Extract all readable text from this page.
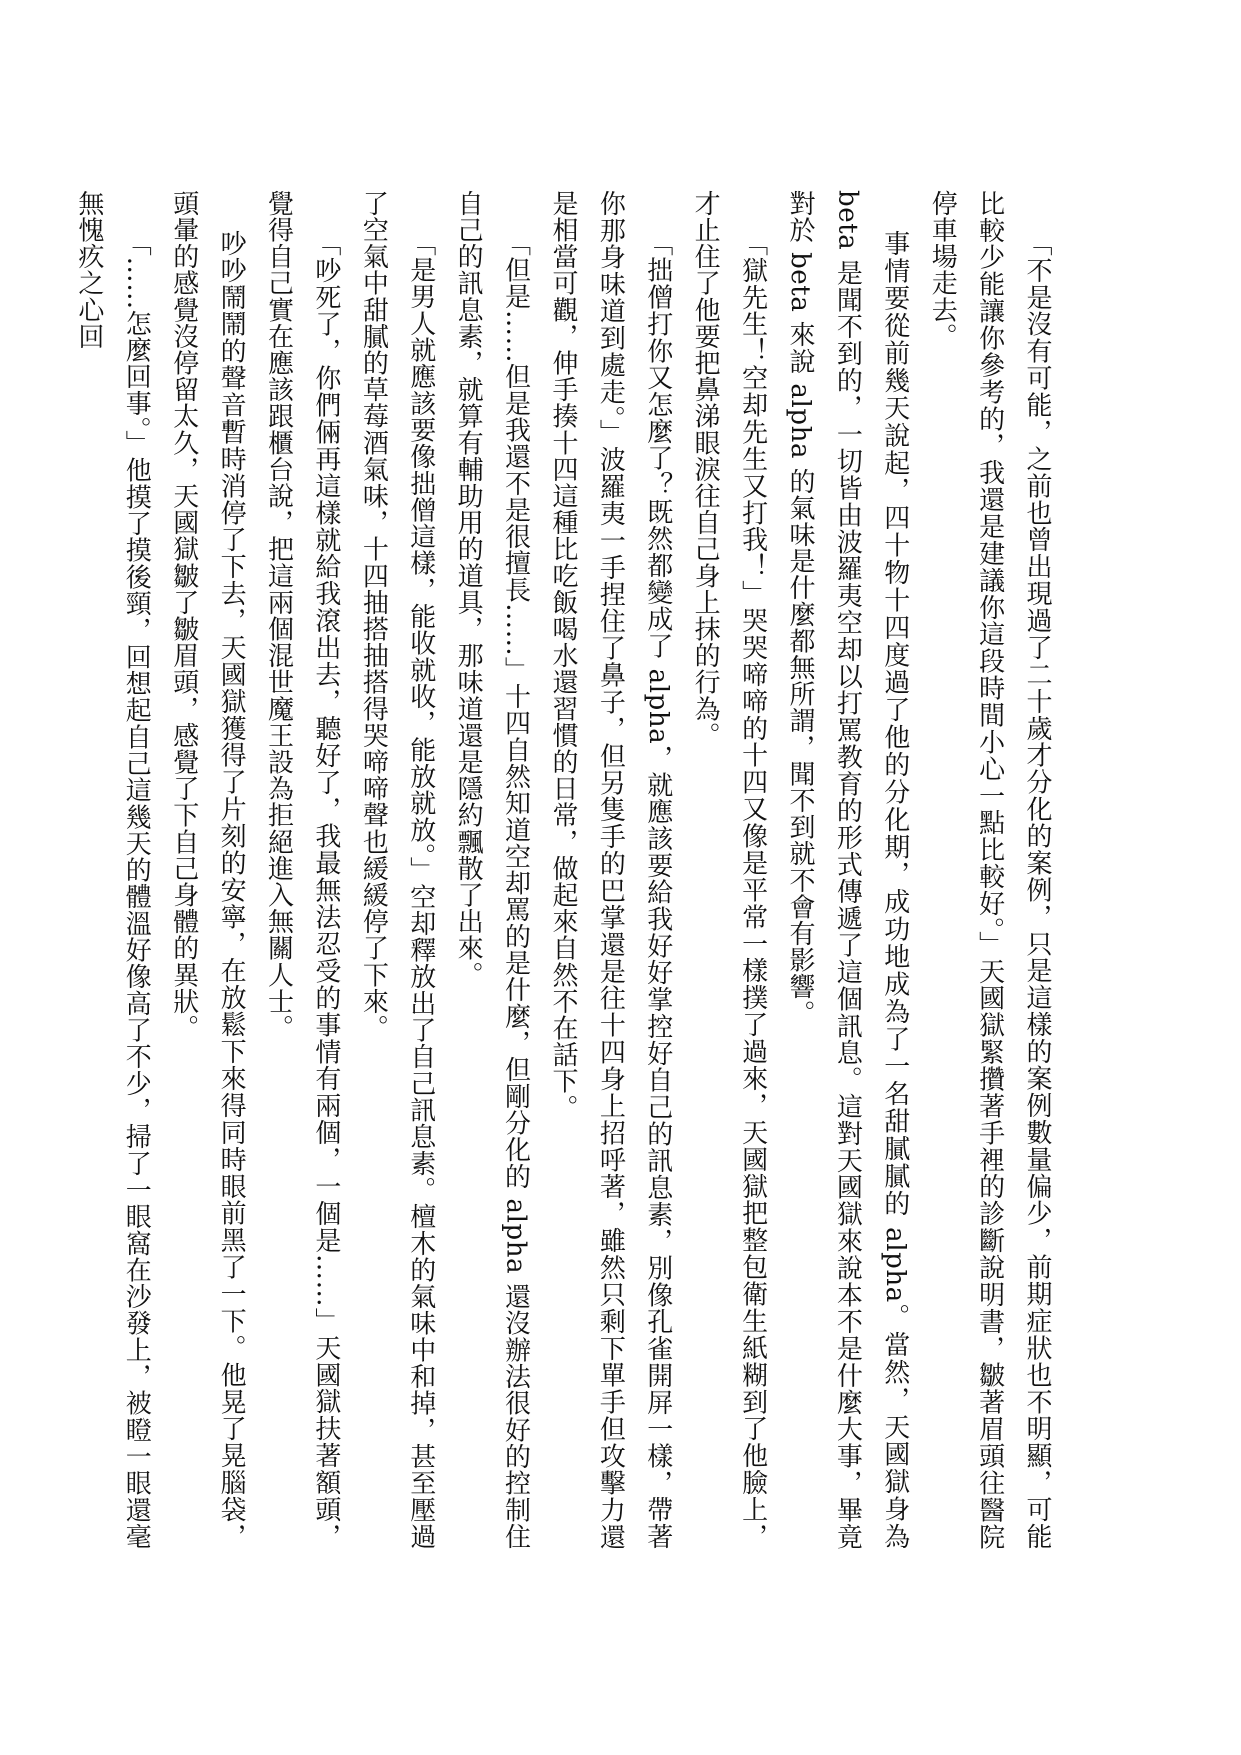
「不是沒有可能，之前也曾出現過了二十歲才分化的案例，只是這樣的案例數量偏少，前期症狀也不明顯，可能比較少能讓你參考的，我還是建議你這段時間小心一點比較好。」天國獄緊攢著手裡的診斷說明書，皺著眉頭往醫院停車場走去。

事情要從前幾天說起，四十物十四度過了他的分化期，成功地成為了一名甜膩膩的 alpha。當然，天國獄身為 beta 是聞不到的，一切皆由波羅夷空却以打罵教育的形式傳遞了這個訊息。這對天國獄來說本不是什麼大事，畢竟對於 beta 來說 alpha 的氣味是什麼都無所謂，聞不到就不會有影響。

「獄先生！空却先生又打我！」哭哭啼啼的十四又像是平常一樣撲了過來，天國獄把整包衛生紙糊到了他臉上，才止住了他要把鼻涕眼淚往自己身上抹的行為。

「拙僧打你又怎麼了？既然都變成了 alpha，就應該要給我好好掌控好自己的訊息素，別像孔雀開屏一樣，帶著你那身味道到處走。」波羅夷一手捏住了鼻子，但另隻手的巴掌還是往十四身上招呼著，雖然只剩下單手但攻擊力還是相當可觀，伸手揍十四這種比吃飯喝水還習慣的日常，做起來自然不在話下。

「但是……但是我還不是很擅長……」十四自然知道空却罵的是什麼，但剛分化的 alpha 還沒辦法很好的控制住自己的訊息素，就算有輔助用的道具，那味道還是隱約飄散了出來。

「是男人就應該要像拙僧這樣，能收就收，能放就放。」空却釋放出了自己訊息素。檀木的氣味中和掉，甚至壓過了空氣中甜膩的草莓酒氣味，十四抽搭抽搭得哭啼啼聲也緩緩停了下來。

「吵死了，你們倆再這樣就給我滾出去，聽好了，我最無法忍受的事情有兩個，一個是……」天國獄扶著額頭，覺得自己實在應該跟櫃台說，把這兩個混世魔王設為拒絕進入無關人士。

吵吵鬧鬧的聲音暫時消停了下去，天國獄獲得了片刻的安寧，在放鬆下來得同時眼前黑了一下。他晃了晃腦袋，頭暈的感覺沒停留太久，天國獄皺了皺眉頭，感覺了下自己身體的異狀。

「……怎麼回事。」他摸了摸後頸，回想起自己這幾天的體溫好像高了不少，掃了一眼窩在沙發上，被瞪一眼還毫無愧疚之心回
